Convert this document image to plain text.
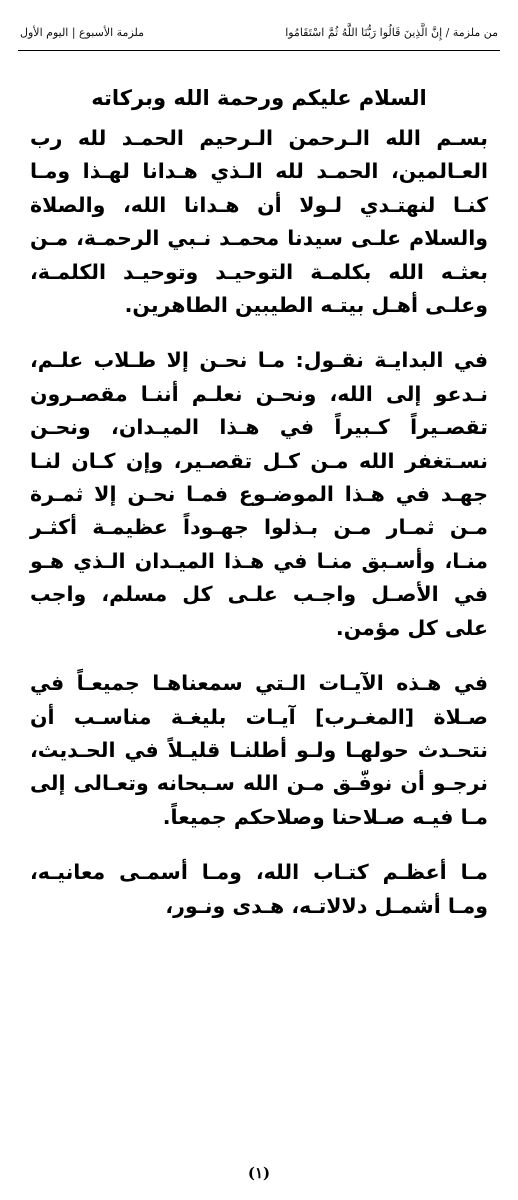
من ملزمة / إِنَّ الَّذِينَ قَالُوا رَبُّنَا اللَّهُ ثُمَّ اسْتَقَامُوا
ملزمة الأسبوع | اليوم الأول
السلام عليكم ورحمة الله وبركاته

بسـم الله الـرحمن الـرحيم الحمـد لله رب العـالمين، الحمـد لله الـذي هـدانا لهـذا ومـا كنـا لنهتـدي لـولا أن هـدانا الله، والصلاة والسلام علـى سيدنا محمـد نـبي الرحمـة، مـن بعثـه الله بكلمـة التوحيـد وتوحيـد الكلمـة، وعلـى أهـل بيتـه الطيبين الطاهرين.

في البدايـة نقـول: مـا نحـن إلا طـلاب علـم، نـدعو إلى الله، ونحـن نعلـم أننـا مقصـرون تقصـيراً كـبيراً في هـذا الميـدان، ونحـن نسـتغفر الله مـن كـل تقصـير، وإن كـان لنـا جهـد في هـذا الموضـوع فمـا نحـن إلا ثمـرة مـن ثمـار مـن بـذلوا جهـوداً عظيمـة أكثـر منـا، وأسـبق منـا في هـذا الميـدان الـذي هـو في الأصـل واجـب علـى كل مسلم، واجب على كل مؤمن.

في هـذه الآيـات الـتي سمعناهـا جميعـاً في صـلاة [المغـرب] آيـات بليغـة مناسـب أن نتحـدث حولهـا ولـو أطلنـا قليـلاً في الحـديث، نرجـو أن نوفّـق مـن الله سـبحانه وتعـالى إلى مـا فيـه صـلاحنا وصلاحكم جميعاً.

مـا أعظـم كتـاب الله، ومـا أسمـى معانيـه، ومـا أشمـل دلالاتـه، هـدى ونـور،

(١)
